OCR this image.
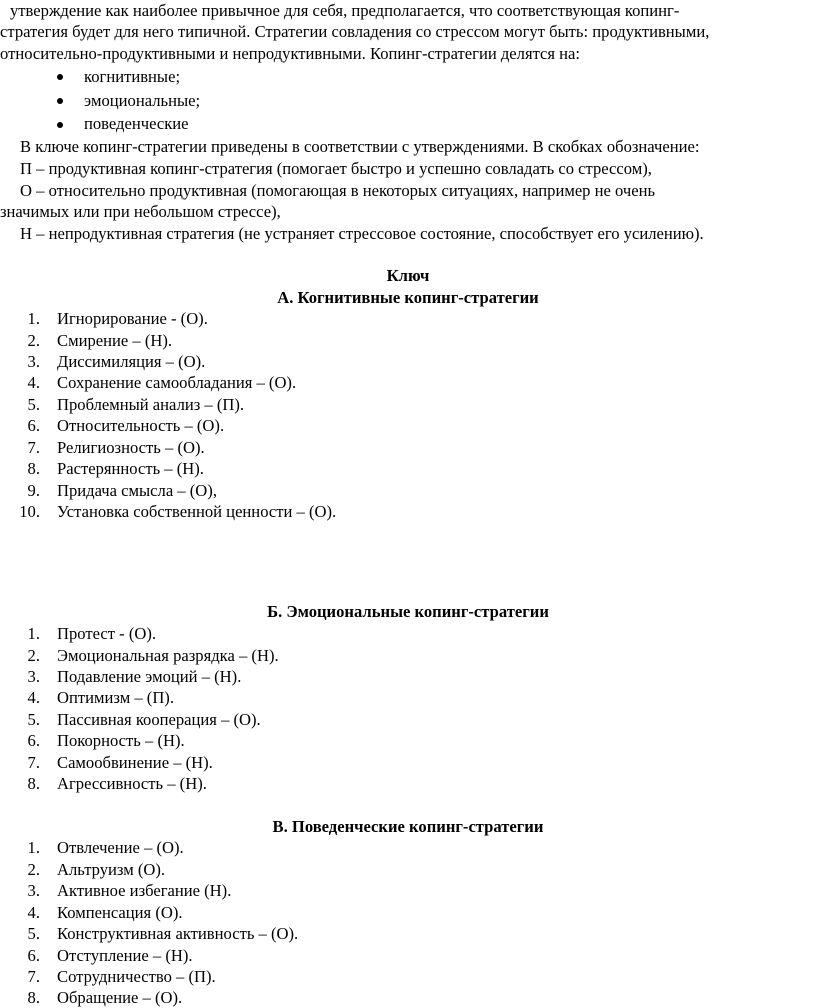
утверждение как наиболее привычное для себя, предполагается, что соответствующая копинг-
стратегия будет для него типичной. Стратегии совладения со стрессом могут быть: продуктивными,
относительно-продуктивными и непродуктивными. Копинг-стратегии делятся на:
когнитивные;
эмоциональные;
поведенческие
В ключе копинг-стратегии приведены в соответствии с утверждениями. В скобках обозначение:
П – продуктивная копинг-стратегия (помогает быстро и успешно совладать со стрессом),
О – относительно продуктивная (помогающая в некоторых ситуациях, например не очень
значимых или при небольшом стрессе),
Н – непродуктивная стратегия (не устраняет стрессовое состояние, способствует его усилению).
Ключ
А. Когнитивные копинг-стратегии
1. Игнорирование - (О).
2. Смирение – (Н).
3. Диссимиляция – (О).
4. Сохранение самообладания – (О).
5. Проблемный анализ – (П).
6. Относительность – (О).
7. Религиозность – (О).
8. Растерянность – (Н).
9. Придача смысла – (О),
10. Установка собственной ценности – (О).
Б. Эмоциональные копинг-стратегии
1. Протест - (О).
2. Эмоциональная разрядка – (Н).
3. Подавление эмоций – (Н).
4. Оптимизм – (П).
5. Пассивная кооперация – (О).
6. Покорность – (Н).
7. Самообвинение – (Н).
8. Агрессивность – (Н).
В. Поведенческие копинг-стратегии
1. Отвлечение – (О).
2. Альтруизм (О).
3. Активное избегание (Н).
4. Компенсация (О).
5. Конструктивная активность – (О).
6. Отступление – (Н).
7. Сотрудничество – (П).
8. Обращение – (О).
